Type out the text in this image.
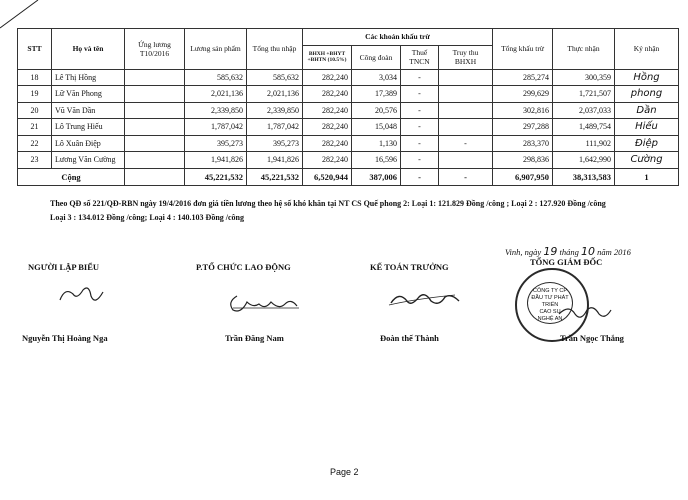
STT	Họ và tên	Ứng lương T10/2016	Lương sản phẩm	Tổng thu nhập	Các khoản khấu trừ				Tổng khấu trừ	Thực nhận	Ký nhận
					BHXH +BHYT +BHTN (10.5%)	Công đoàn	Thuế TNCN	Truy thu BHXH			
18	Lê Thị Hồng		585,632	585,632	282,240	3,034	-		285,274	300,359	Hồng
19	Lữ Văn Phong		2,021,136	2,021,136	282,240	17,389	-		299,629	1,721,507	phong
20	Vũ Văn Dần		2,339,850	2,339,850	282,240	20,576	-		302,816	2,037,033	Dần
21	Lô Trung Hiếu		1,787,042	1,787,042	282,240	15,048	-		297,288	1,489,754	Hiếu
22	Lô Xuân Điệp		395,273	395,273	282,240	1,130	-	-	283,370	111,902	Điệp
23	Lương Văn Cường		1,941,826	1,941,826	282,240	16,596	-		298,836	1,642,990	Cường
Cộng			45,221,532	45,221,532	6,520,944	387,006	-	-	6,907,950	38,313,583	1
Theo QĐ số 221/QĐ-RBN ngày 19/4/2016 đơn giá tiền lương theo hệ số khó khăn tại NT CS Quế phong 2: Loại 1: 121.829 Đồng /công ; Loại 2 : 127.920 Đồng /công
Loại 3 : 134.012 Đồng /công; Loại 4 : 140.103 Đồng /công
Vinh, ngày 19 tháng 10 năm 2016
NGƯỜI LẬP BIỂU	P.TỔ CHỨC LAO ĐỘNG	KẾ TOÁN TRƯỞNG	TỔNG GIÁM ĐỐC
CÔNG TY CP
ĐẦU TƯ PHÁT TRIỂN
CAO SU
NGHỆ AN
Nguyễn Thị Hoàng Nga	Trần Đăng Nam	Đoàn thế Thành	Trần Ngọc Thắng
Page 2
